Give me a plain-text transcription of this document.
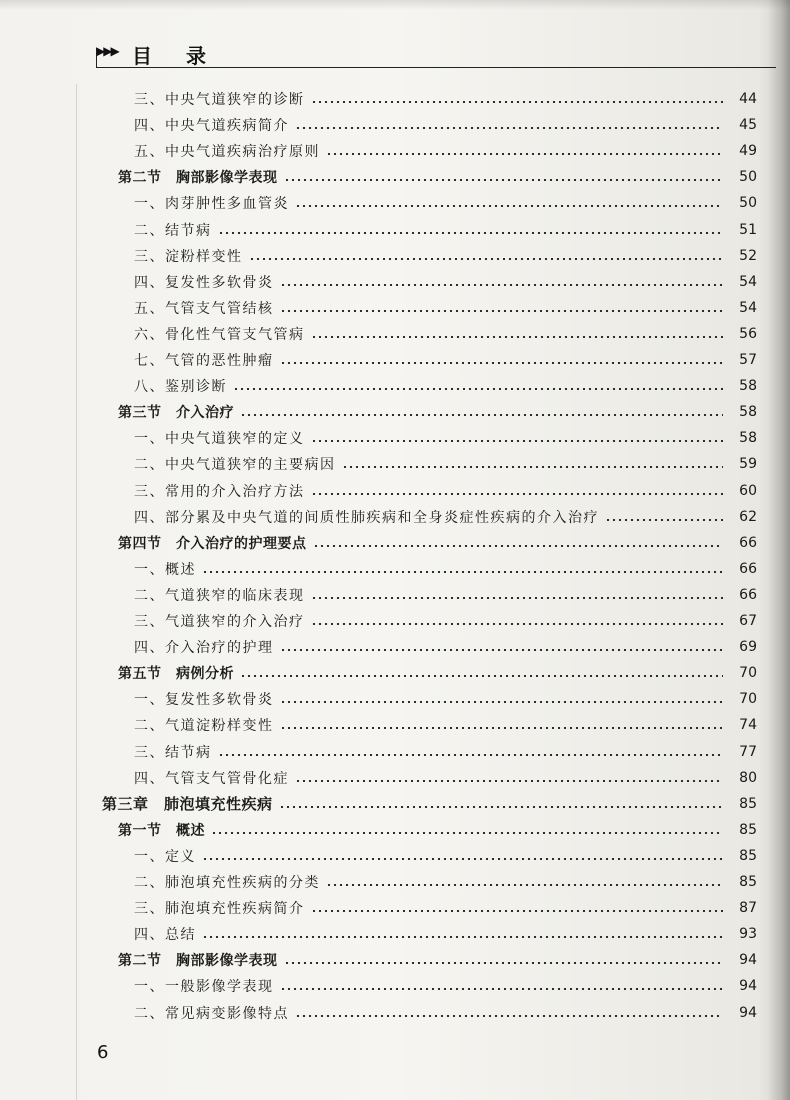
▶▶▶ 目 录
三、中央气道狭窄的诊断	44
四、中央气道疾病简介	45
五、中央气道疾病治疗原则	49
第二节　胸部影像学表现	50
一、肉芽肿性多血管炎	50
二、结节病	51
三、淀粉样变性	52
四、复发性多软骨炎	54
五、气管支气管结核	54
六、骨化性气管支气管病	56
七、气管的恶性肿瘤	57
八、鉴别诊断	58
第三节　介入治疗	58
一、中央气道狭窄的定义	58
二、中央气道狭窄的主要病因	59
三、常用的介入治疗方法	60
四、部分累及中央气道的间质性肺疾病和全身炎症性疾病的介入治疗	62
第四节　介入治疗的护理要点	66
一、概述	66
二、气道狭窄的临床表现	66
三、气道狭窄的介入治疗	67
四、介入治疗的护理	69
第五节　病例分析	70
一、复发性多软骨炎	70
二、气道淀粉样变性	74
三、结节病	77
四、气管支气管骨化症	80
第三章　肺泡填充性疾病	85
第一节　概述	85
一、定义	85
二、肺泡填充性疾病的分类	85
三、肺泡填充性疾病简介	87
四、总结	93
第二节　胸部影像学表现	94
一、一般影像学表现	94
二、常见病变影像特点	94
6
